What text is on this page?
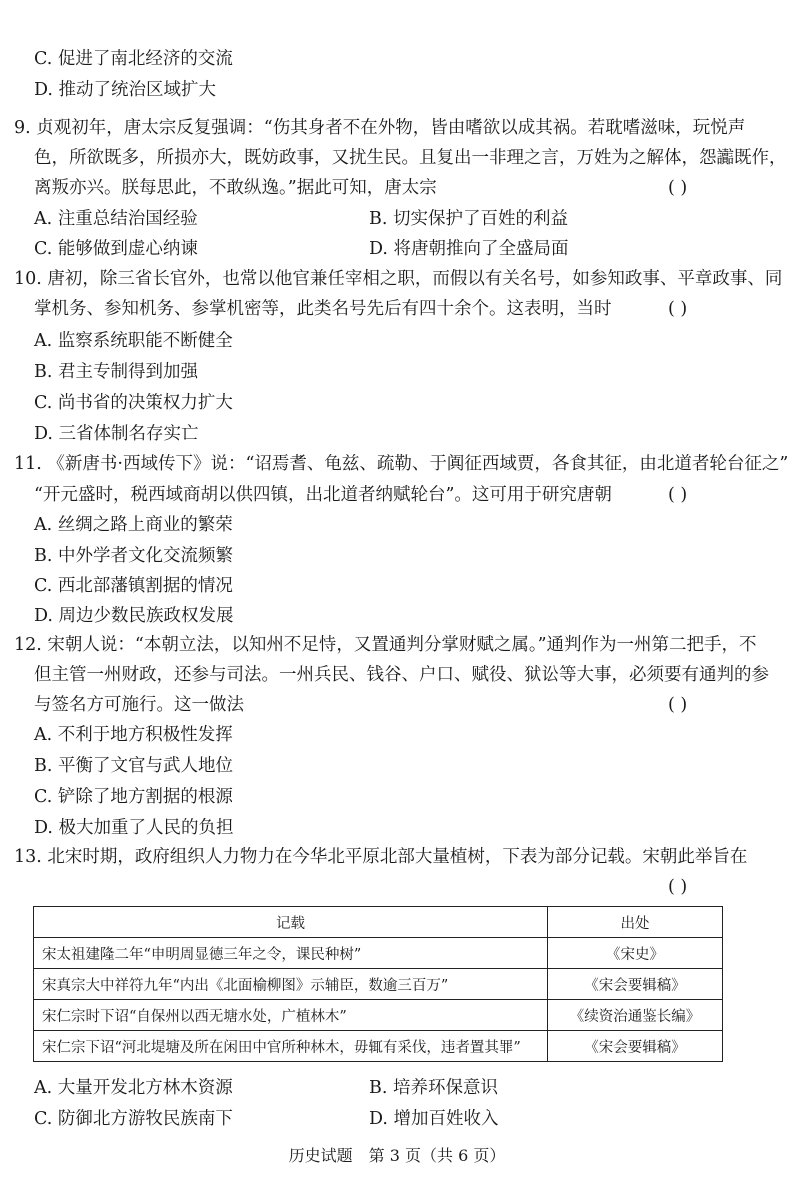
C. 促进了南北经济的交流
D. 推动了统治区域扩大
9. 贞观初年，唐太宗反复强调：“伤其身者不在外物，皆由嗜欲以成其祸。若耽嗜滋味，玩悦声
色，所欲既多，所损亦大，既妨政事，又扰生民。且复出一非理之言，万姓为之解体，怨讟既作，
离叛亦兴。朕每思此，不敢纵逸。”据此可知，唐太宗	( )
A. 注重总结治国经验	B. 切实保护了百姓的利益
C. 能够做到虚心纳谏	D. 将唐朝推向了全盛局面
10. 唐初，除三省长官外，也常以他官兼任宰相之职，而假以有关名号，如参知政事、平章政事、同
掌机务、参知机务、参掌机密等，此类名号先后有四十余个。这表明，当时	( )
A. 监察系统职能不断健全
B. 君主专制得到加强
C. 尚书省的决策权力扩大
D. 三省体制名存实亡
11. 《新唐书·西域传下》说：“诏焉耆、龟兹、疏勒、于阗征西域贾，各食其征，由北道者轮台征之”
“开元盛时，税西域商胡以供四镇，出北道者纳赋轮台”。这可用于研究唐朝	( )
A. 丝绸之路上商业的繁荣
B. 中外学者文化交流频繁
C. 西北部藩镇割据的情况
D. 周边少数民族政权发展
12. 宋朝人说：“本朝立法，以知州不足恃，又置通判分掌财赋之属。”通判作为一州第二把手，不
但主管一州财政，还参与司法。一州兵民、钱谷、户口、赋役、狱讼等大事，必须要有通判的参
与签名方可施行。这一做法	( )
A. 不利于地方积极性发挥
B. 平衡了文官与武人地位
C. 铲除了地方割据的根源
D. 极大加重了人民的负担
13. 北宋时期，政府组织人力物力在今华北平原北部大量植树，下表为部分记载。宋朝此举旨在
( )
记载	出处
宋太祖建隆二年“申明周显德三年之令，课民种树”	《宋史》
宋真宗大中祥符九年“内出《北面榆柳图》示辅臣，数逾三百万”	《宋会要辑稿》
宋仁宗时下诏“自保州以西无塘水处，广植林木”	《续资治通鉴长编》
宋仁宗下诏“河北堤塘及所在闲田中官所种林木，毋辄有采伐，违者置其罪”	《宋会要辑稿》
A. 大量开发北方林木资源	B. 培养环保意识
C. 防御北方游牧民族南下	D. 增加百姓收入
历史试题　第 3 页（共 6 页）
